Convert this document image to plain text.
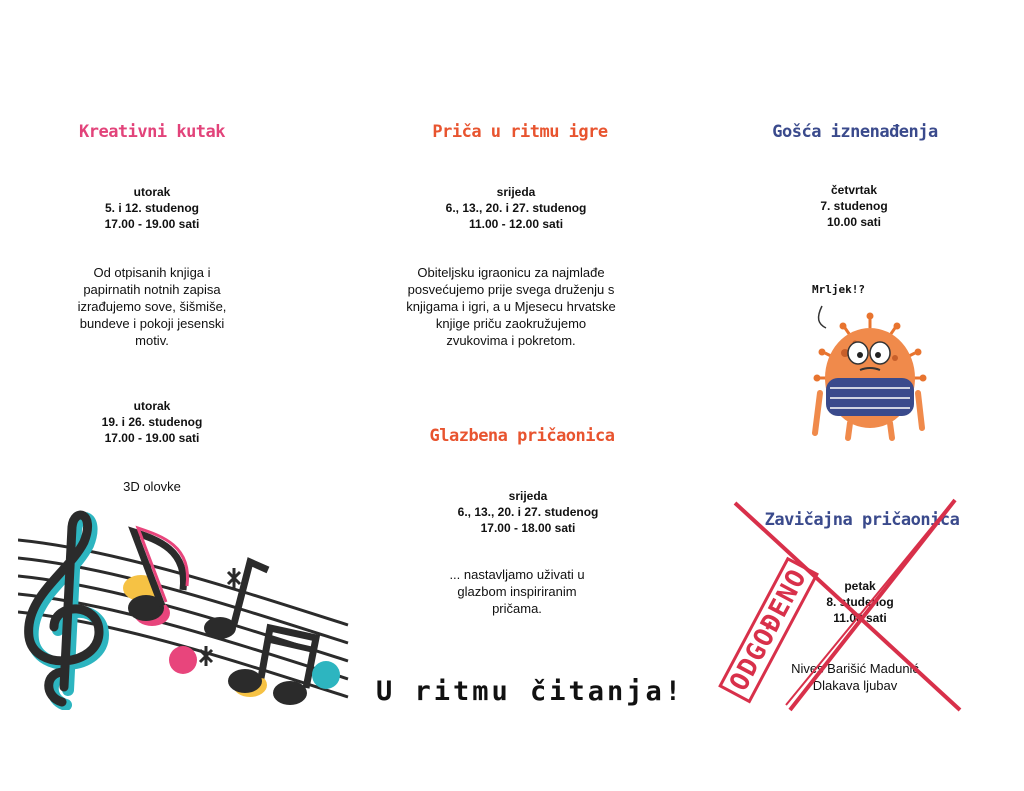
Kreativni kutak
utorak
5. i 12. studenog
17.00 - 19.00 sati
Od otpisanih knjiga i
papirnatih notnih zapisa
izrađujemo sove, šišmiše,
bundeve i pokoji jesenski
motiv.
utorak
19. i 26. studenog
17.00 - 19.00 sati
3D olovke
Priča u ritmu igre
srijeda
6., 13., 20. i 27. studenog
11.00 - 12.00 sati
Obiteljsku igraonicu za najmlađe
posvećujemo prije svega druženju s
knjigama i igri, a u Mjesecu hrvatske
knjige priču zaokružujemo
zvukovima i pokretom.
Glazbena pričaonica
srijeda
6., 13., 20. i 27. studenog
17.00 - 18.00 sati
... nastavljamo uživati u
glazbom inspiriranim
pričama.
U ritmu čitanja!
Gošća iznenađenja
četvrtak
7. studenog
10.00 sati
Mrljek!?
Zavičajna pričaonica
petak
8. studenog
11.00 sati
Nives Barišić Madunić
Dlakava ljubav
ODGOĐENO
